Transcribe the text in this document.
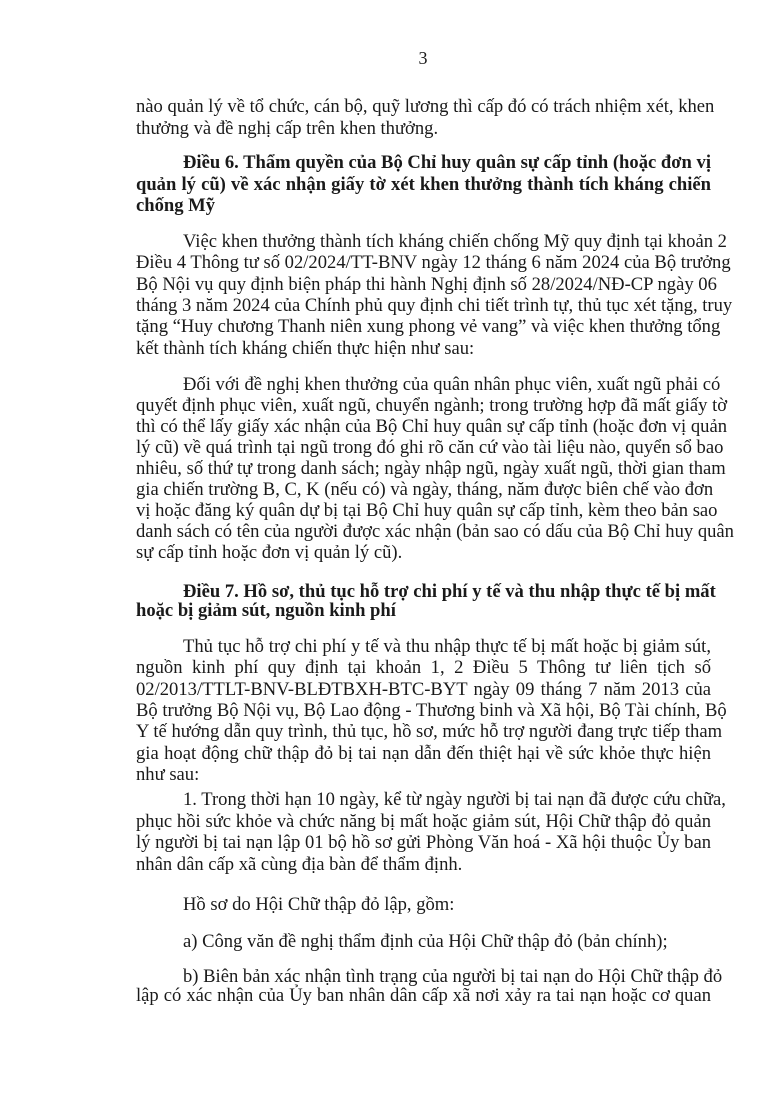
3
nào quản lý về tổ chức, cán bộ, quỹ lương thì cấp đó có trách nhiệm xét, khen
thưởng và đề nghị cấp trên khen thưởng.
Điều 6. Thẩm quyền của Bộ Chỉ huy quân sự cấp tỉnh (hoặc đơn vị
quản lý cũ) về xác nhận giấy tờ xét khen thưởng thành tích kháng chiến
chống Mỹ
Việc khen thưởng thành tích kháng chiến chống Mỹ quy định tại khoản 2
Điều 4 Thông tư số 02/2024/TT-BNV ngày 12 tháng 6 năm 2024 của Bộ trưởng
Bộ Nội vụ quy định biện pháp thi hành Nghị định số 28/2024/NĐ-CP ngày 06
tháng 3 năm 2024 của Chính phủ quy định chi tiết trình tự, thủ tục xét tặng, truy
tặng “Huy chương Thanh niên xung phong vẻ vang” và việc khen thưởng tổng
kết thành tích kháng chiến thực hiện như sau:
Đối với đề nghị khen thưởng của quân nhân phục viên, xuất ngũ phải có
quyết định phục viên, xuất ngũ, chuyển ngành; trong trường hợp đã mất giấy tờ
thì có thể lấy giấy xác nhận của Bộ Chỉ huy quân sự cấp tỉnh (hoặc đơn vị quản
lý cũ) về quá trình tại ngũ trong đó ghi rõ căn cứ vào tài liệu nào, quyển sổ bao
nhiêu, số thứ tự trong danh sách; ngày nhập ngũ, ngày xuất ngũ, thời gian tham
gia chiến trường B, C, K (nếu có) và ngày, tháng, năm được biên chế vào đơn
vị hoặc đăng ký quân dự bị tại Bộ Chỉ huy quân sự cấp tỉnh, kèm theo bản sao
danh sách có tên của người được xác nhận (bản sao có dấu của Bộ Chỉ huy quân
sự cấp tỉnh hoặc đơn vị quản lý cũ).
Điều 7. Hồ sơ, thủ tục hỗ trợ chi phí y tế và thu nhập thực tế bị mất
hoặc bị giảm sút, nguồn kinh phí
Thủ tục hỗ trợ chi phí y tế và thu nhập thực tế bị mất hoặc bị giảm sút,
nguồn kinh phí quy định tại khoản 1, 2 Điều 5 Thông tư liên tịch số
02/2013/TTLT-BNV-BLĐTBXH-BTC-BYT ngày 09 tháng 7 năm 2013 của
Bộ trưởng Bộ Nội vụ, Bộ Lao động - Thương binh và Xã hội, Bộ Tài chính, Bộ
Y tế hướng dẫn quy trình, thủ tục, hồ sơ, mức hỗ trợ người đang trực tiếp tham
gia hoạt động chữ thập đỏ bị tai nạn dẫn đến thiệt hại về sức khỏe thực hiện
như sau:
1. Trong thời hạn 10 ngày, kể từ ngày người bị tai nạn đã được cứu chữa,
phục hồi sức khỏe và chức năng bị mất hoặc giảm sút, Hội Chữ thập đỏ quản
lý người bị tai nạn lập 01 bộ hồ sơ gửi Phòng Văn hoá - Xã hội thuộc Ủy ban
nhân dân cấp xã cùng địa bàn để thẩm định.
Hồ sơ do Hội Chữ thập đỏ lập, gồm:
a) Công văn đề nghị thẩm định của Hội Chữ thập đỏ (bản chính);
b) Biên bản xác nhận tình trạng của người bị tai nạn do Hội Chữ thập đỏ
lập có xác nhận của Ủy ban nhân dân cấp xã nơi xảy ra tai nạn hoặc cơ quan
